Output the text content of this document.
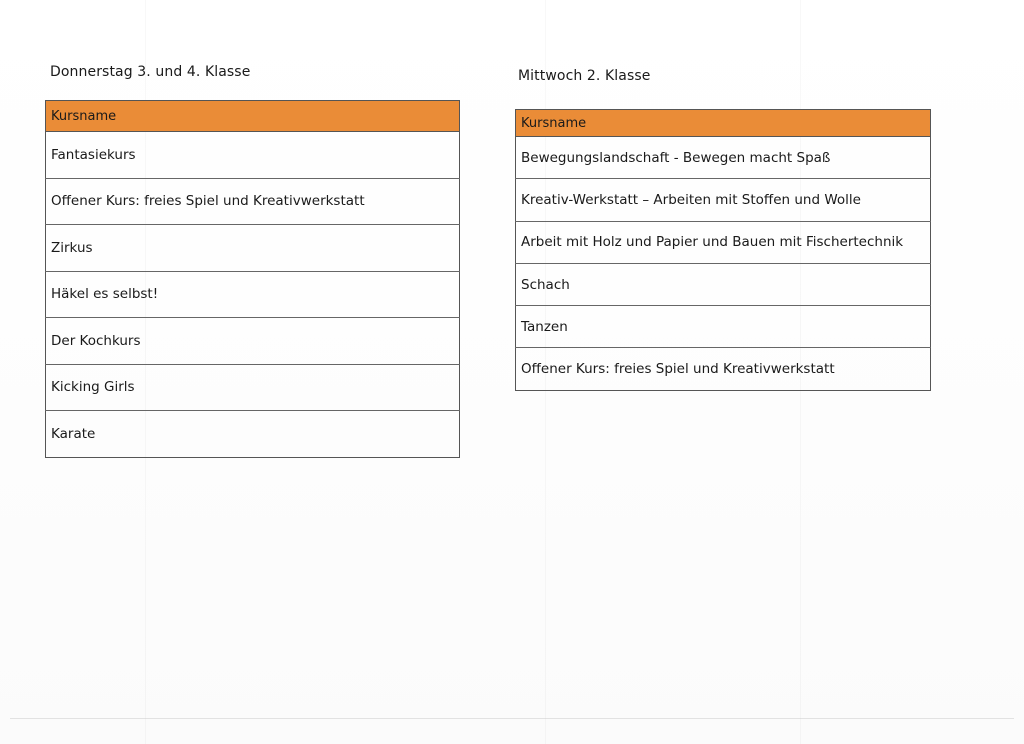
Donnerstag 3. und 4. Klasse
Kursname
Fantasiekurs
Offener Kurs: freies Spiel und Kreativwerkstatt
Zirkus
Häkel es selbst!
Der Kochkurs
Kicking Girls
Karate
Mittwoch 2. Klasse
Kursname
Bewegungslandschaft - Bewegen macht Spaß
Kreativ-Werkstatt – Arbeiten mit Stoffen und Wolle
Arbeit mit Holz und Papier und Bauen mit Fischertechnik
Schach
Tanzen
Offener Kurs: freies Spiel und Kreativwerkstatt
